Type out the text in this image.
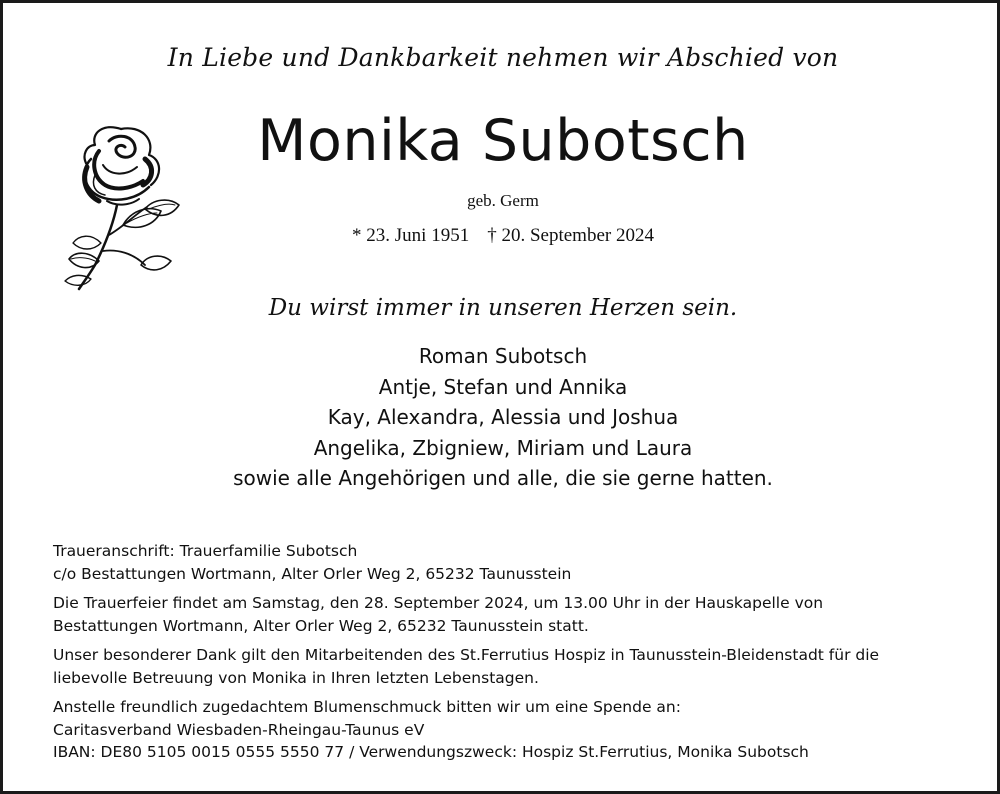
In Liebe und Dankbarkeit nehmen wir Abschied von
Monika Subotsch
geb. Germ
* 23. Juni 1951 † 20. September 2024
Du wirst immer in unseren Herzen sein.
Roman Subotsch
Antje, Stefan und Annika
Kay, Alexandra, Alessia und Joshua
Angelika, Zbigniew, Miriam und Laura
sowie alle Angehörigen und alle, die sie gerne hatten.

Traueranschrift: Trauerfamilie Subotsch
c/o Bestattungen Wortmann, Alter Orler Weg 2, 65232 Taunusstein

Die Trauerfeier findet am Samstag, den 28. September 2024, um 13.00 Uhr in der Hauskapelle von
Bestattungen Wortmann, Alter Orler Weg 2, 65232 Taunusstein statt.

Unser besonderer Dank gilt den Mitarbeitenden des St.Ferrutius Hospiz in Taunusstein-Bleidenstadt für die
liebevolle Betreuung von Monika in Ihren letzten Lebenstagen.

Anstelle freundlich zugedachtem Blumenschmuck bitten wir um eine Spende an:
Caritasverband Wiesbaden-Rheingau-Taunus eV
IBAN: DE80 5105 0015 0555 5550 77 / Verwendungszweck: Hospiz St.Ferrutius, Monika Subotsch
